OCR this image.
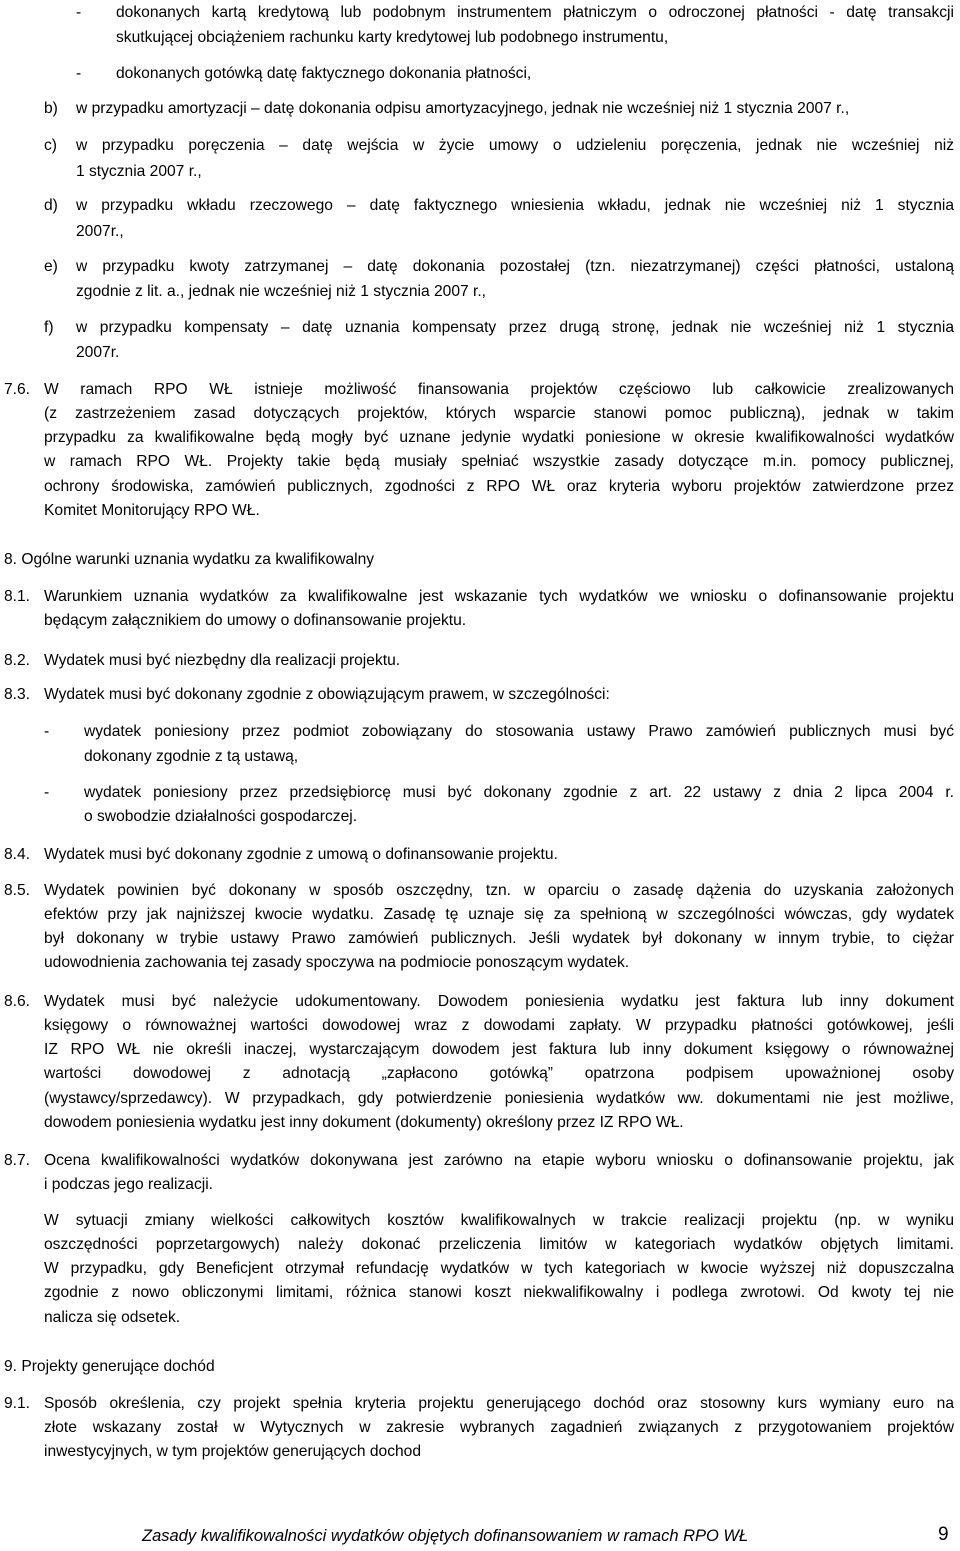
- dokonanych kartą kredytową lub podobnym instrumentem płatniczym o odroczonej płatności - datę transakcji
skutkującej obciążeniem rachunku karty kredytowej lub podobnego instrumentu,
- dokonanych gotówką datę faktycznego dokonania płatności,
b) w przypadku amortyzacji – datę dokonania odpisu amortyzacyjnego, jednak nie wcześniej niż 1 stycznia 2007 r.,
c) w przypadku poręczenia – datę wejścia w życie umowy o udzieleniu poręczenia, jednak nie wcześniej niż
1 stycznia 2007 r.,
d) w przypadku wkładu rzeczowego – datę faktycznego wniesienia wkładu, jednak nie wcześniej niż 1 stycznia
2007r.,
e) w przypadku kwoty zatrzymanej – datę dokonania pozostałej (tzn. niezatrzymanej) części płatności, ustaloną
zgodnie z lit. a., jednak nie wcześniej niż 1 stycznia 2007 r.,
f) w przypadku kompensaty – datę uznania kompensaty przez drugą stronę, jednak nie wcześniej niż 1 stycznia
2007r.
7.6. W ramach RPO WŁ istnieje możliwość finansowania projektów częściowo lub całkowicie zrealizowanych
(z zastrzeżeniem zasad dotyczących projektów, których wsparcie stanowi pomoc publiczną), jednak w takim
przypadku za kwalifikowalne będą mogły być uznane jedynie wydatki poniesione w okresie kwalifikowalności wydatków
w ramach RPO WŁ. Projekty takie będą musiały spełniać wszystkie zasady dotyczące m.in. pomocy publicznej,
ochrony środowiska, zamówień publicznych, zgodności z RPO WŁ oraz kryteria wyboru projektów zatwierdzone przez
Komitet Monitorujący RPO WŁ.
8. Ogólne warunki uznania wydatku za kwalifikowalny
8.1. Warunkiem uznania wydatków za kwalifikowalne jest wskazanie tych wydatków we wniosku o dofinansowanie projektu
będącym załącznikiem do umowy o dofinansowanie projektu.
8.2. Wydatek musi być niezbędny dla realizacji projektu.
8.3. Wydatek musi być dokonany zgodnie z obowiązującym prawem, w szczególności:
- wydatek poniesiony przez podmiot zobowiązany do stosowania ustawy Prawo zamówień publicznych musi być
dokonany zgodnie z tą ustawą,
- wydatek poniesiony przez przedsiębiorcę musi być dokonany zgodnie z art. 22 ustawy z dnia 2 lipca 2004 r.
o swobodzie działalności gospodarczej.
8.4. Wydatek musi być dokonany zgodnie z umową o dofinansowanie projektu.
8.5. Wydatek powinien być dokonany w sposób oszczędny, tzn. w oparciu o zasadę dążenia do uzyskania założonych
efektów przy jak najniższej kwocie wydatku. Zasadę tę uznaje się za spełnioną w szczególności wówczas, gdy wydatek
był dokonany w trybie ustawy Prawo zamówień publicznych. Jeśli wydatek był dokonany w innym trybie, to ciężar
udowodnienia zachowania tej zasady spoczywa na podmiocie ponoszącym wydatek.
8.6. Wydatek musi być należycie udokumentowany. Dowodem poniesienia wydatku jest faktura lub inny dokument
księgowy o równoważnej wartości dowodowej wraz z dowodami zapłaty. W przypadku płatności gotówkowej, jeśli
IZ RPO WŁ nie określi inaczej, wystarczającym dowodem jest faktura lub inny dokument księgowy o równoważnej
wartości dowodowej z adnotacją „zapłacono gotówką” opatrzona podpisem upoważnionej osoby
(wystawcy/sprzedawcy). W przypadkach, gdy potwierdzenie poniesienia wydatków ww. dokumentami nie jest możliwe,
dowodem poniesienia wydatku jest inny dokument (dokumenty) określony przez IZ RPO WŁ.
8.7. Ocena kwalifikowalności wydatków dokonywana jest zarówno na etapie wyboru wniosku o dofinansowanie projektu, jak
i podczas jego realizacji.
W sytuacji zmiany wielkości całkowitych kosztów kwalifikowalnych w trakcie realizacji projektu (np. w wyniku
oszczędności poprzetargowych) należy dokonać przeliczenia limitów w kategoriach wydatków objętych limitami.
W przypadku, gdy Beneficjent otrzymał refundację wydatków w tych kategoriach w kwocie wyższej niż dopuszczalna
zgodnie z nowo obliczonymi limitami, różnica stanowi koszt niekwalifikowalny i podlega zwrotowi. Od kwoty tej nie
nalicza się odsetek.
9. Projekty generujące dochód
9.1. Sposób określenia, czy projekt spełnia kryteria projektu generującego dochód oraz stosowny kurs wymiany euro na
złote wskazany został w Wytycznych w zakresie wybranych zagadnień związanych z przygotowaniem projektów
inwestycyjnych, w tym projektów generujących dochod
Zasady kwalifikowalności wydatków objętych dofinansowaniem w ramach RPO WŁ	9
